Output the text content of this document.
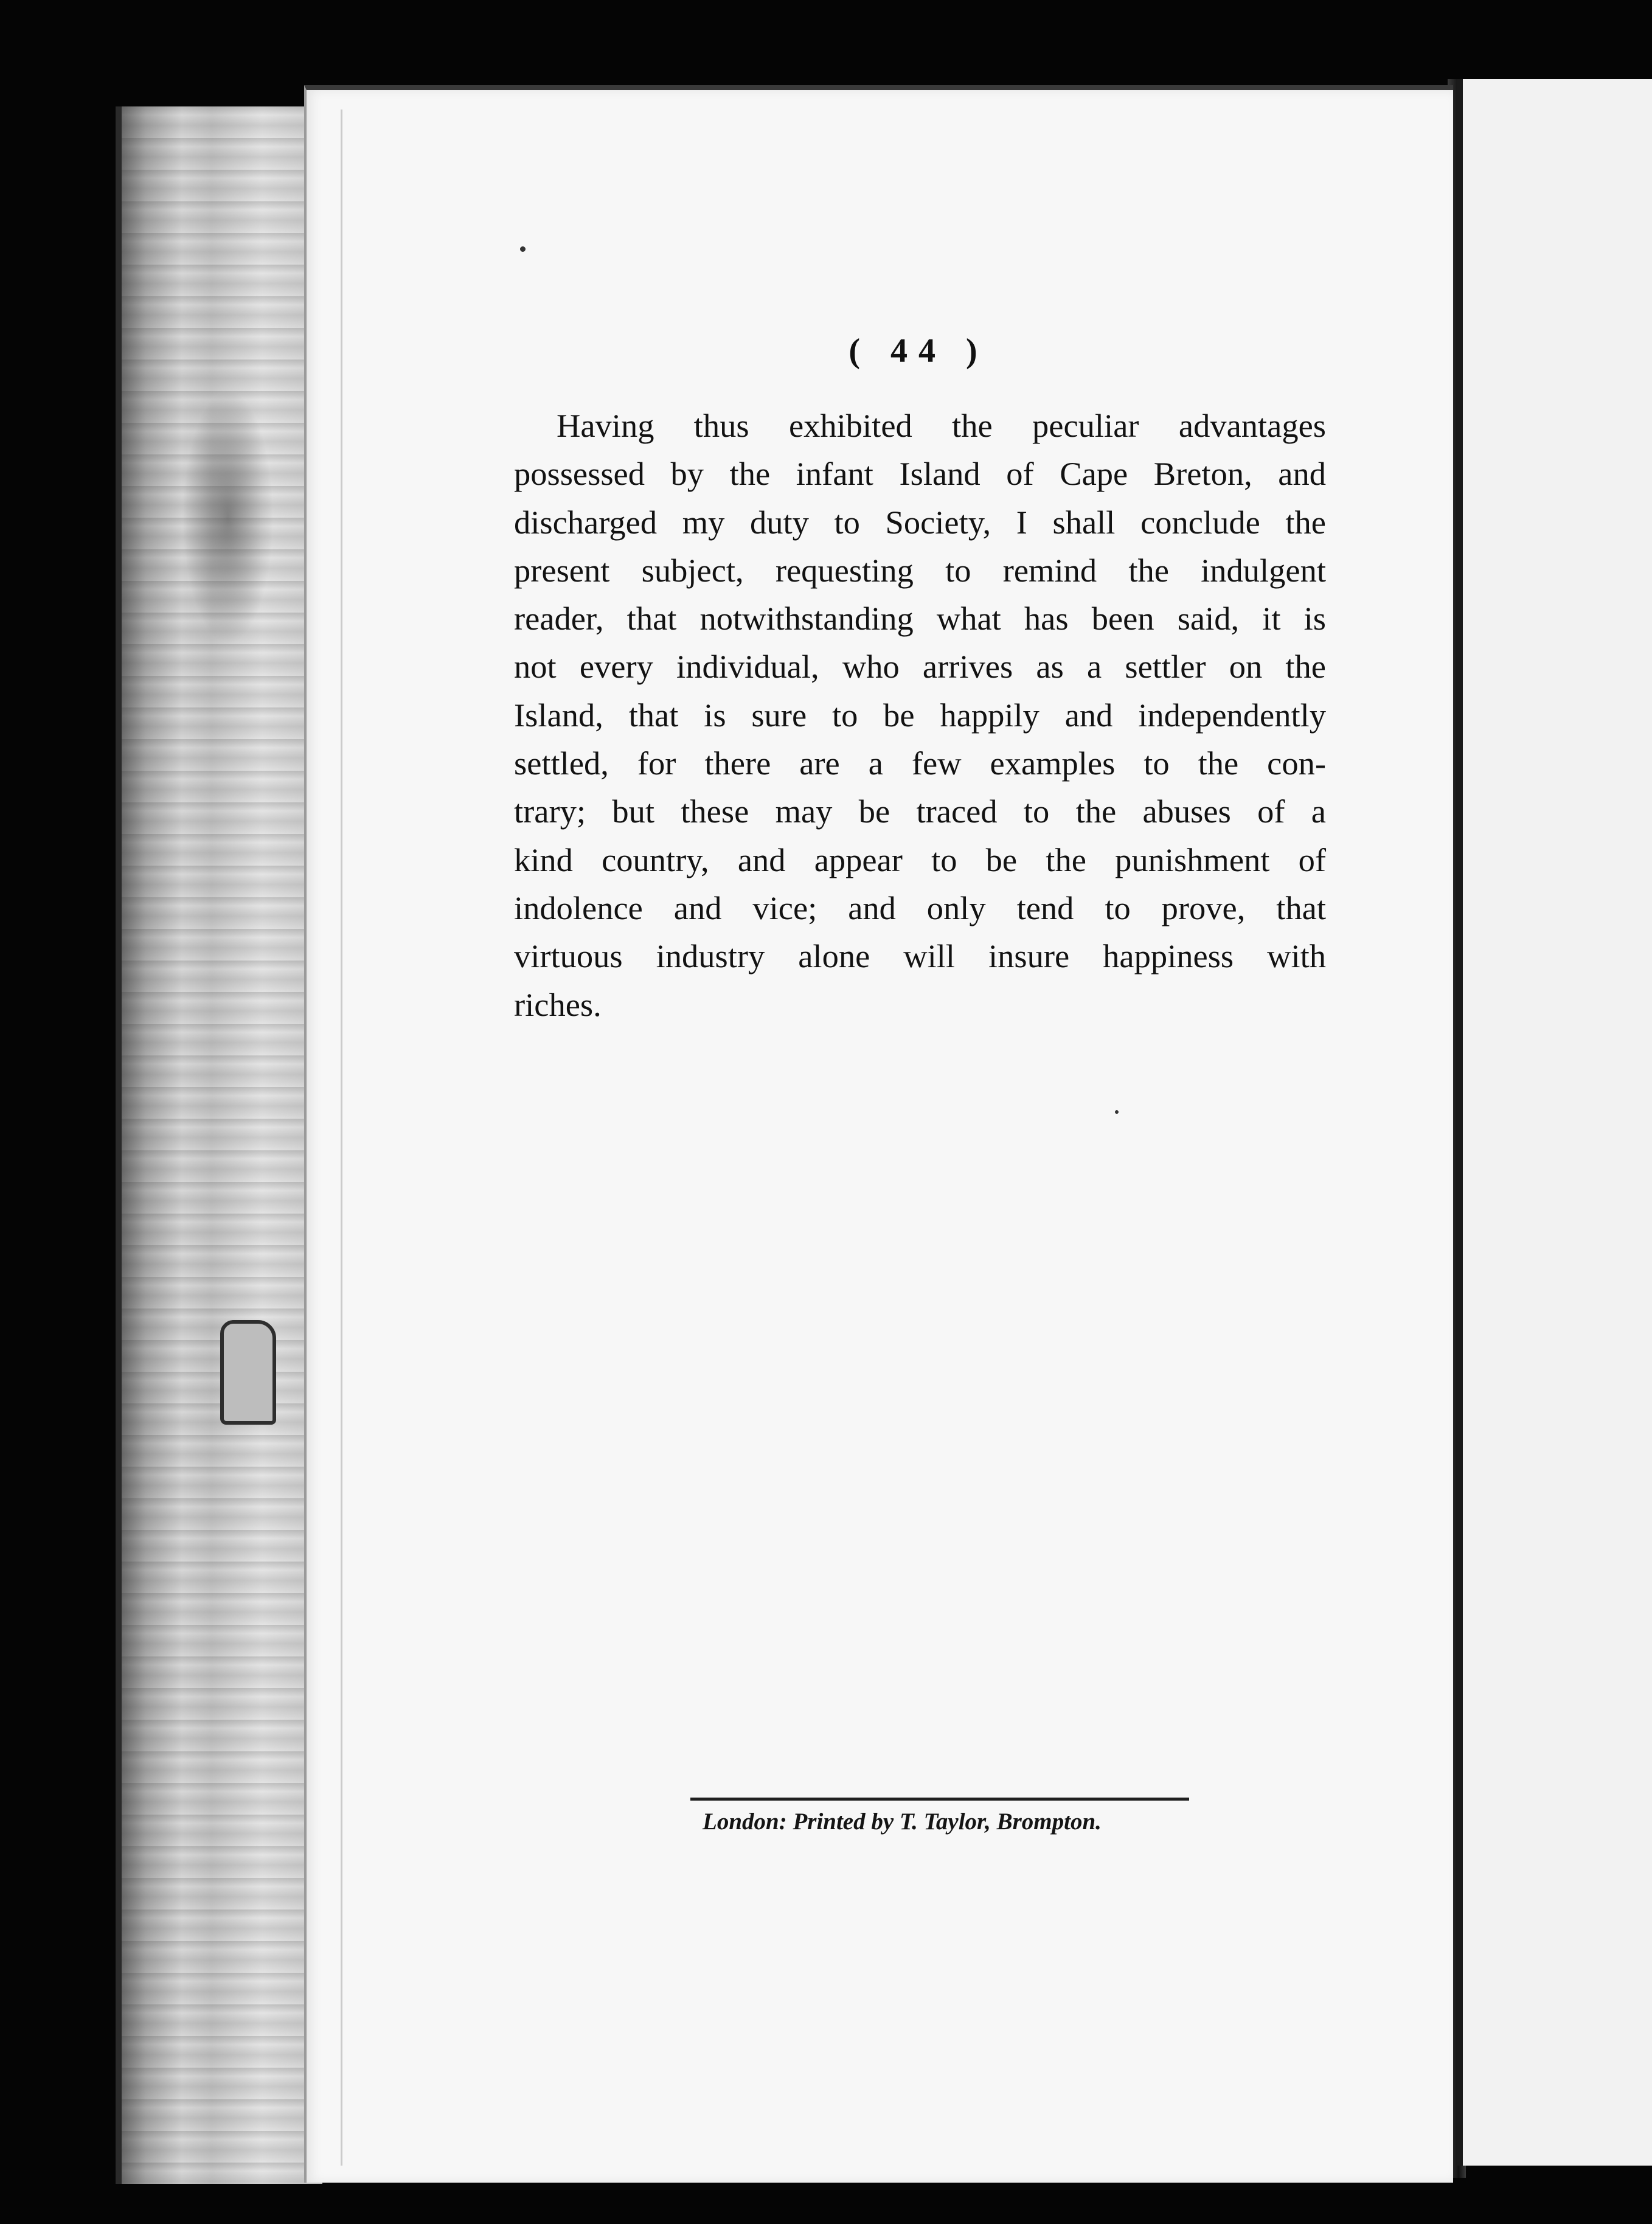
( 44 )
Having thus exhibited the peculiar advantages
possessed by the infant Island of Cape Breton, and
discharged my duty to Society, I shall conclude the
present subject, requesting to remind the indulgent
reader, that notwithstanding what has been said, it is
not every individual, who arrives as a settler on the
Island, that is sure to be happily and independently
settled, for there are a few examples to the con-
trary; but these may be traced to the abuses of a
kind country, and appear to be the punishment of
indolence and vice; and only tend to prove, that
virtuous industry alone will insure happiness with
riches.
London: Printed by T. Taylor, Brompton.
